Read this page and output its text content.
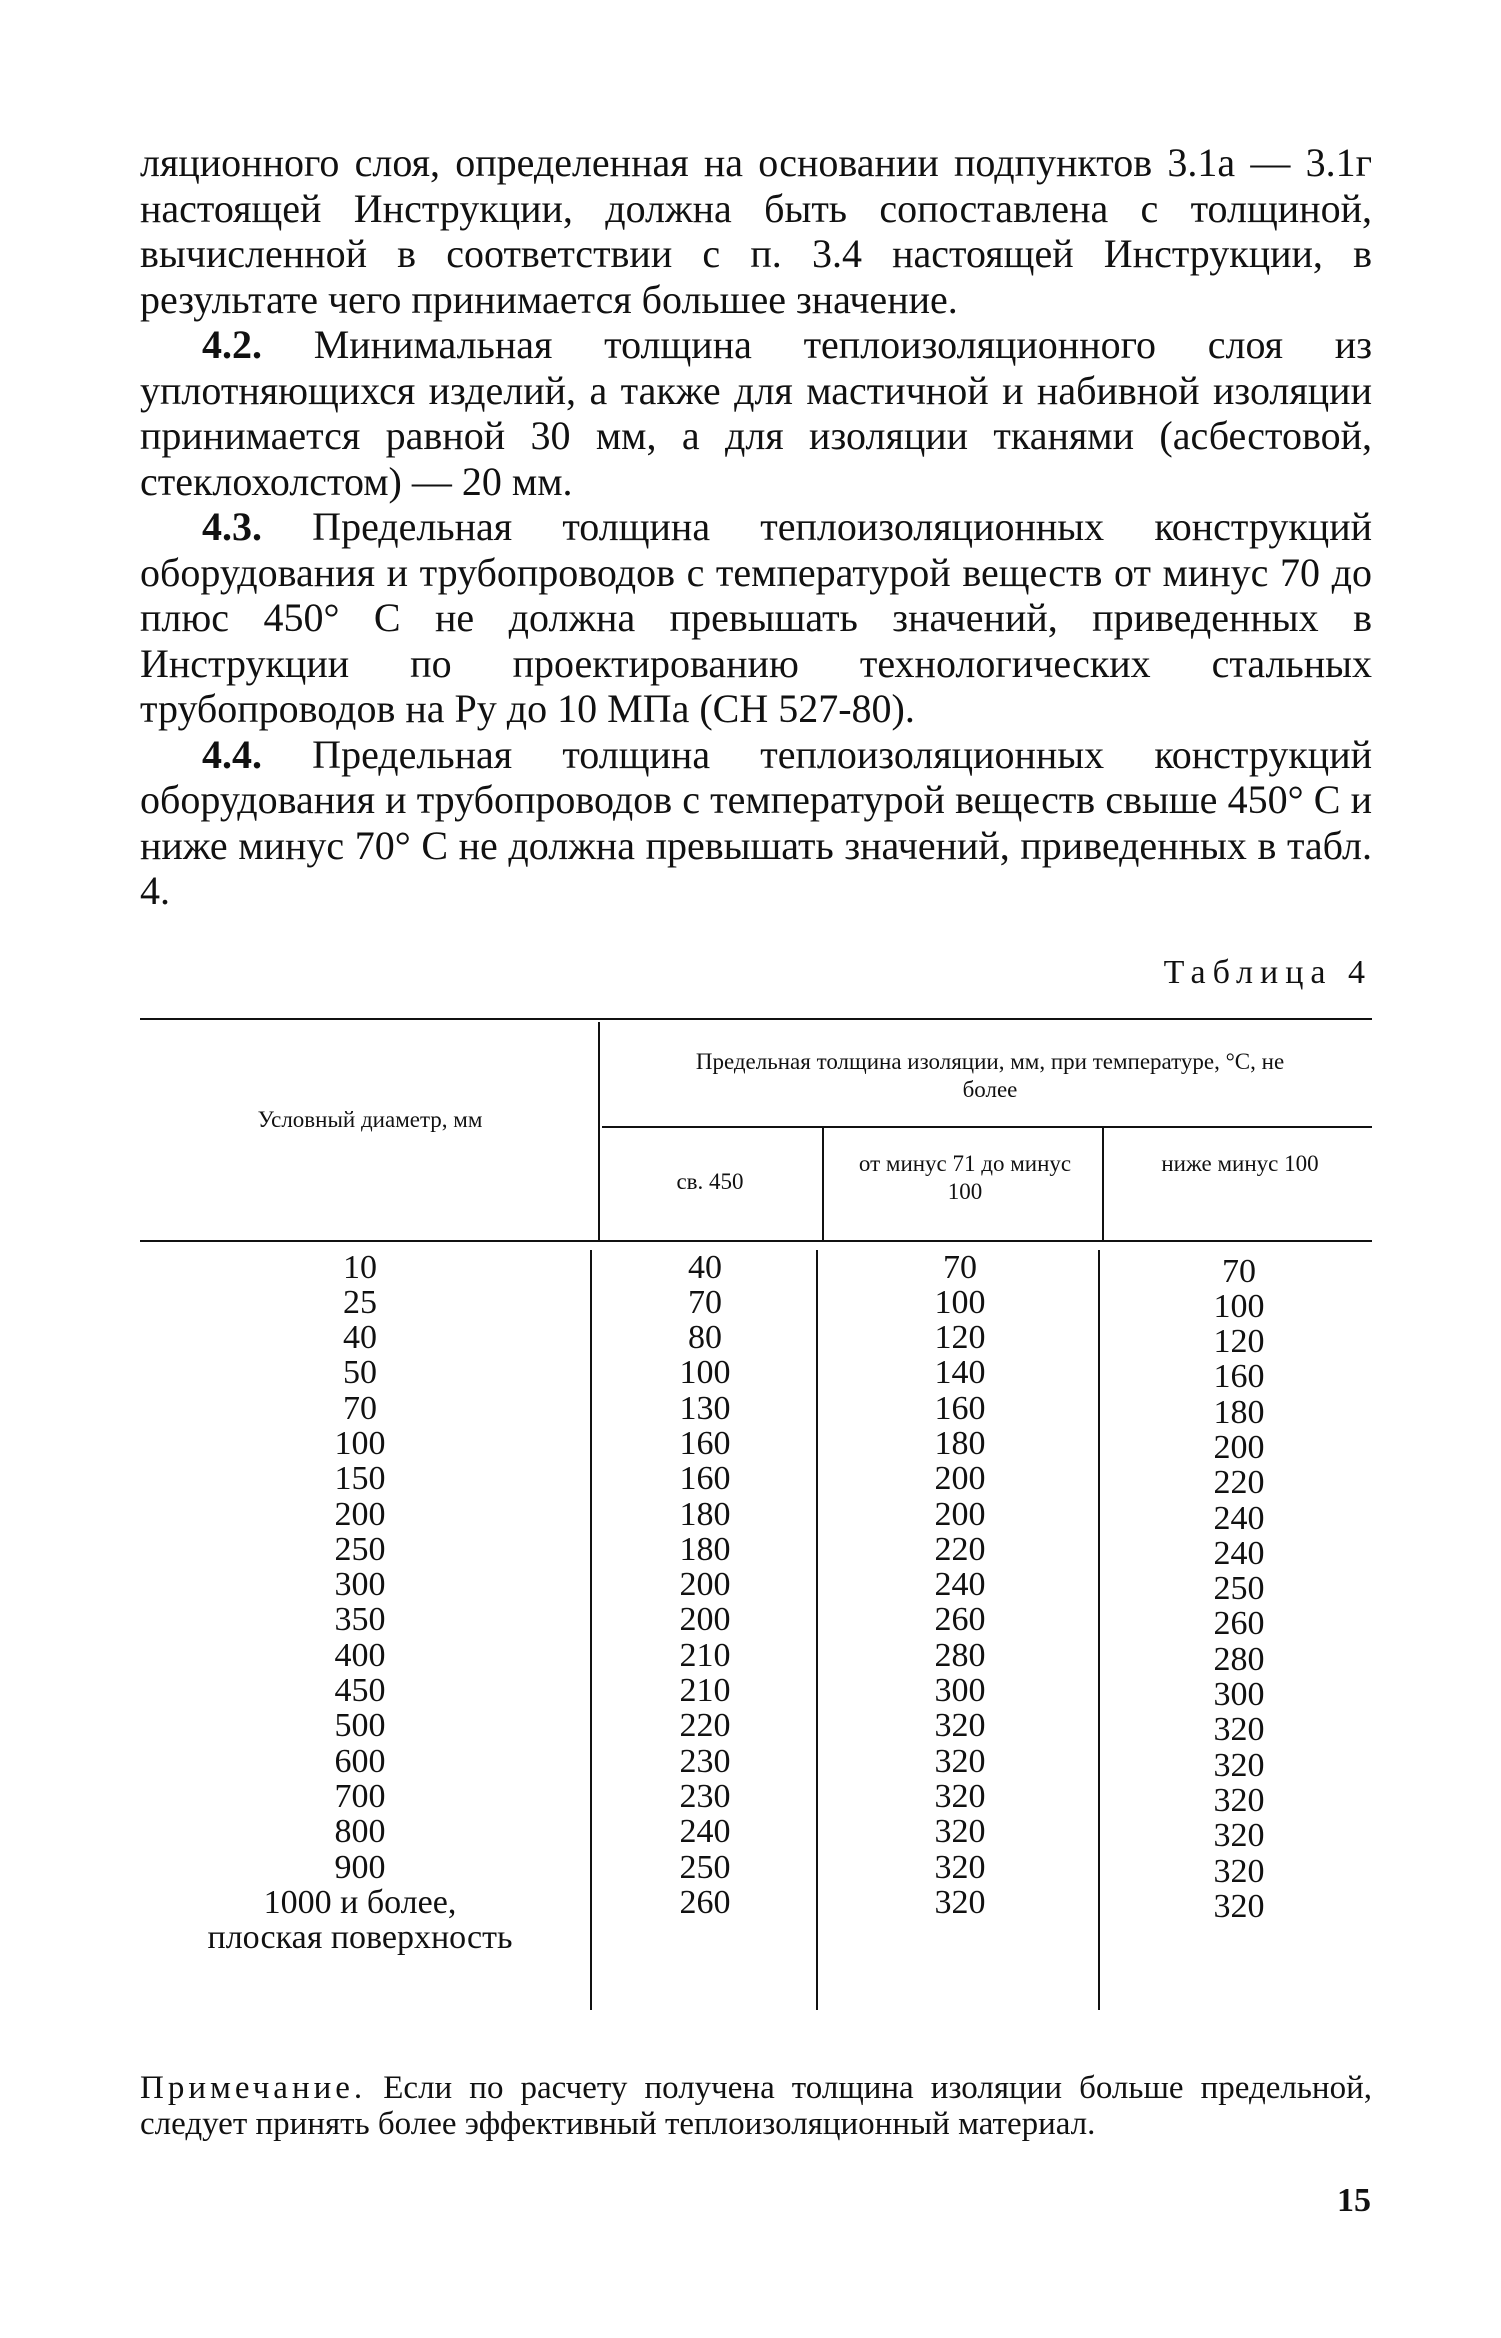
ляционного слоя, определенная на основании подпунктов 3.1а — 3.1г настоящей Инструкции, должна быть сопоставлена с толщиной, вычисленной в соответствии с п. 3.4 настоящей Инструкции, в результате чего принимается большее значение.

4.2. Минимальная толщина теплоизоляционного слоя из уплотняющихся изделий, а также для мастичной и набивной изоляции принимается равной 30 мм, а для изоляции тканями (асбестовой, стеклохолстом) — 20 мм.

4.3. Предельная толщина теплоизоляционных конструкций оборудования и трубопроводов с температурой веществ от минус 70 до плюс 450° С не должна превышать значений, приведенных в Инструкции по проектированию технологических стальных трубопроводов на Pу до 10 МПа (СН 527-80).

4.4. Предельная толщина теплоизоляционных конструкций оборудования и трубопроводов с температурой веществ свыше 450° С и ниже минус 70° С не должна превышать значений, приведенных в табл. 4.

Таблица 4

Условный диаметр, мм
Предельная толщина изоляции, мм, при температуре, °С, не более
св. 450
от минус 71 до минус 100
ниже минус 100
10
25
40
50
70
100
150
200
250
300
350
400
450
500
600
700
800
900
1000 и более,
плоская поверхность
40
70
80
100
130
160
160
180
180
200
200
210
210
220
230
230
240
250
260
70
100
120
140
160
180
200
200
220
240
260
280
300
320
320
320
320
320
320
70
100
120
160
180
200
220
240
240
250
260
280
300
320
320
320
320
320
320

Примечание. Если по расчету получена толщина изоляции больше предельной, следует принять более эффективный теплоизоляционный материал.

15
